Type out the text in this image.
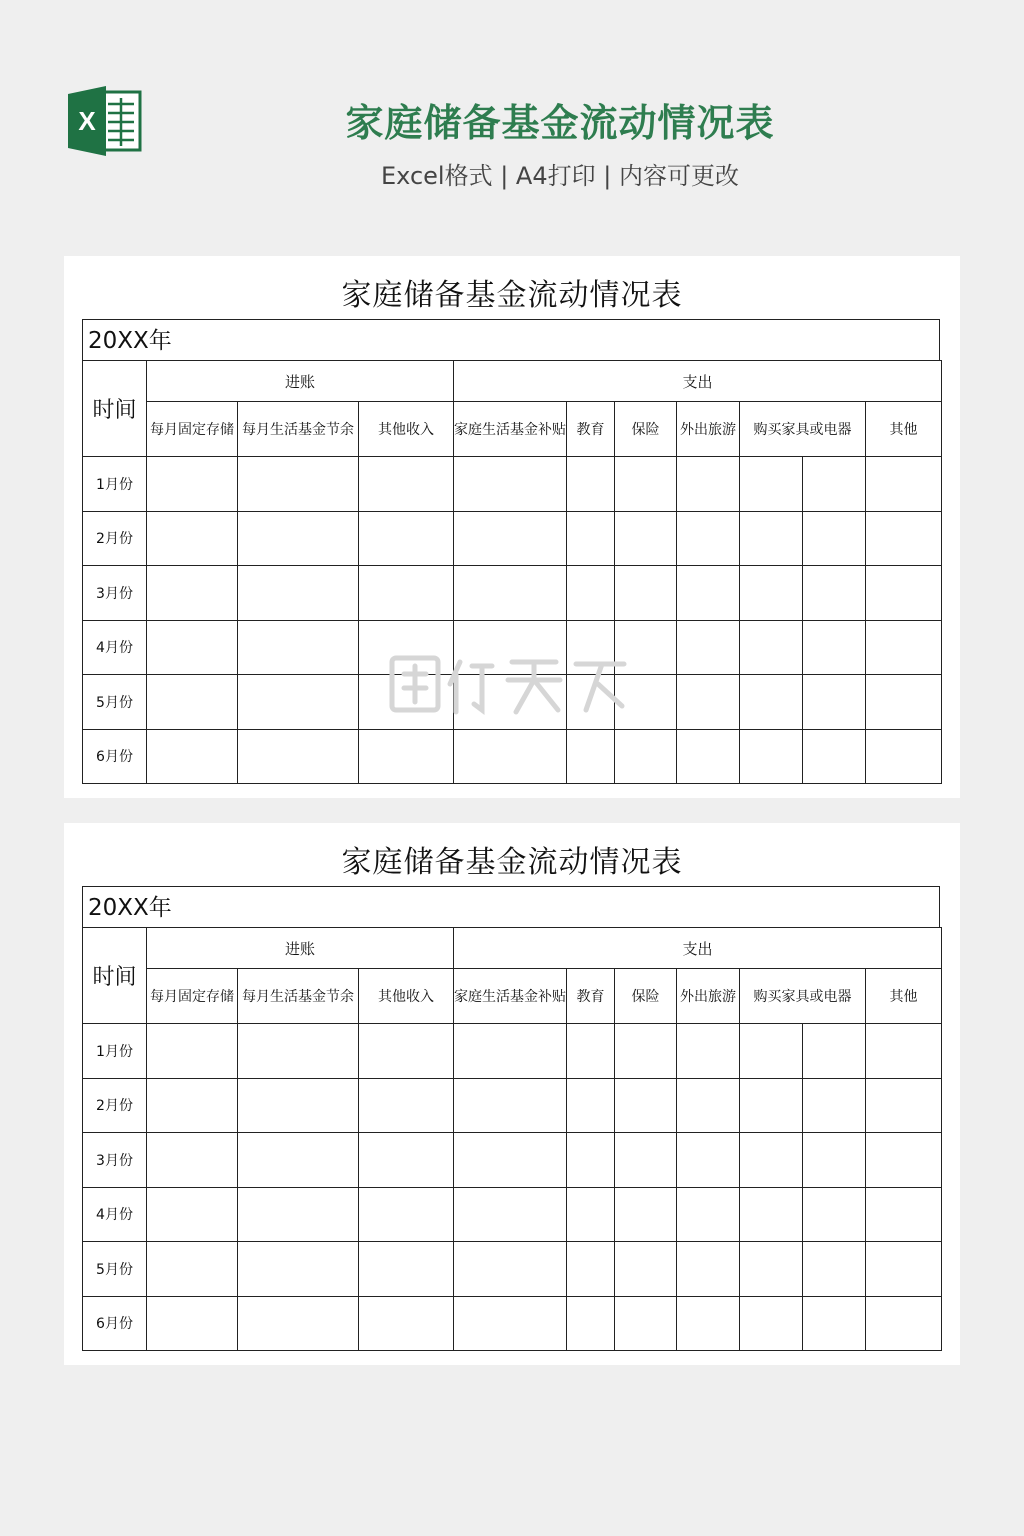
X	家庭储备基金流动情况表
Excel格式 | A4打印 | 内容可更改
家庭储备基金流动情况表
20XX年
时间	进账			支出						
	每月固定存储	每月生活基金节余	其他收入	家庭生活基金补贴	教育	保险	外出旅游	购买家具或电器		其他
1月份										
2月份										
3月份										
4月份										
5月份										
6月份										
家庭储备基金流动情况表
20XX年
时间	进账			支出						
	每月固定存储	每月生活基金节余	其他收入	家庭生活基金补贴	教育	保险	外出旅游	购买家具或电器		其他
1月份										
2月份										
3月份										
4月份										
5月份										
6月份										
